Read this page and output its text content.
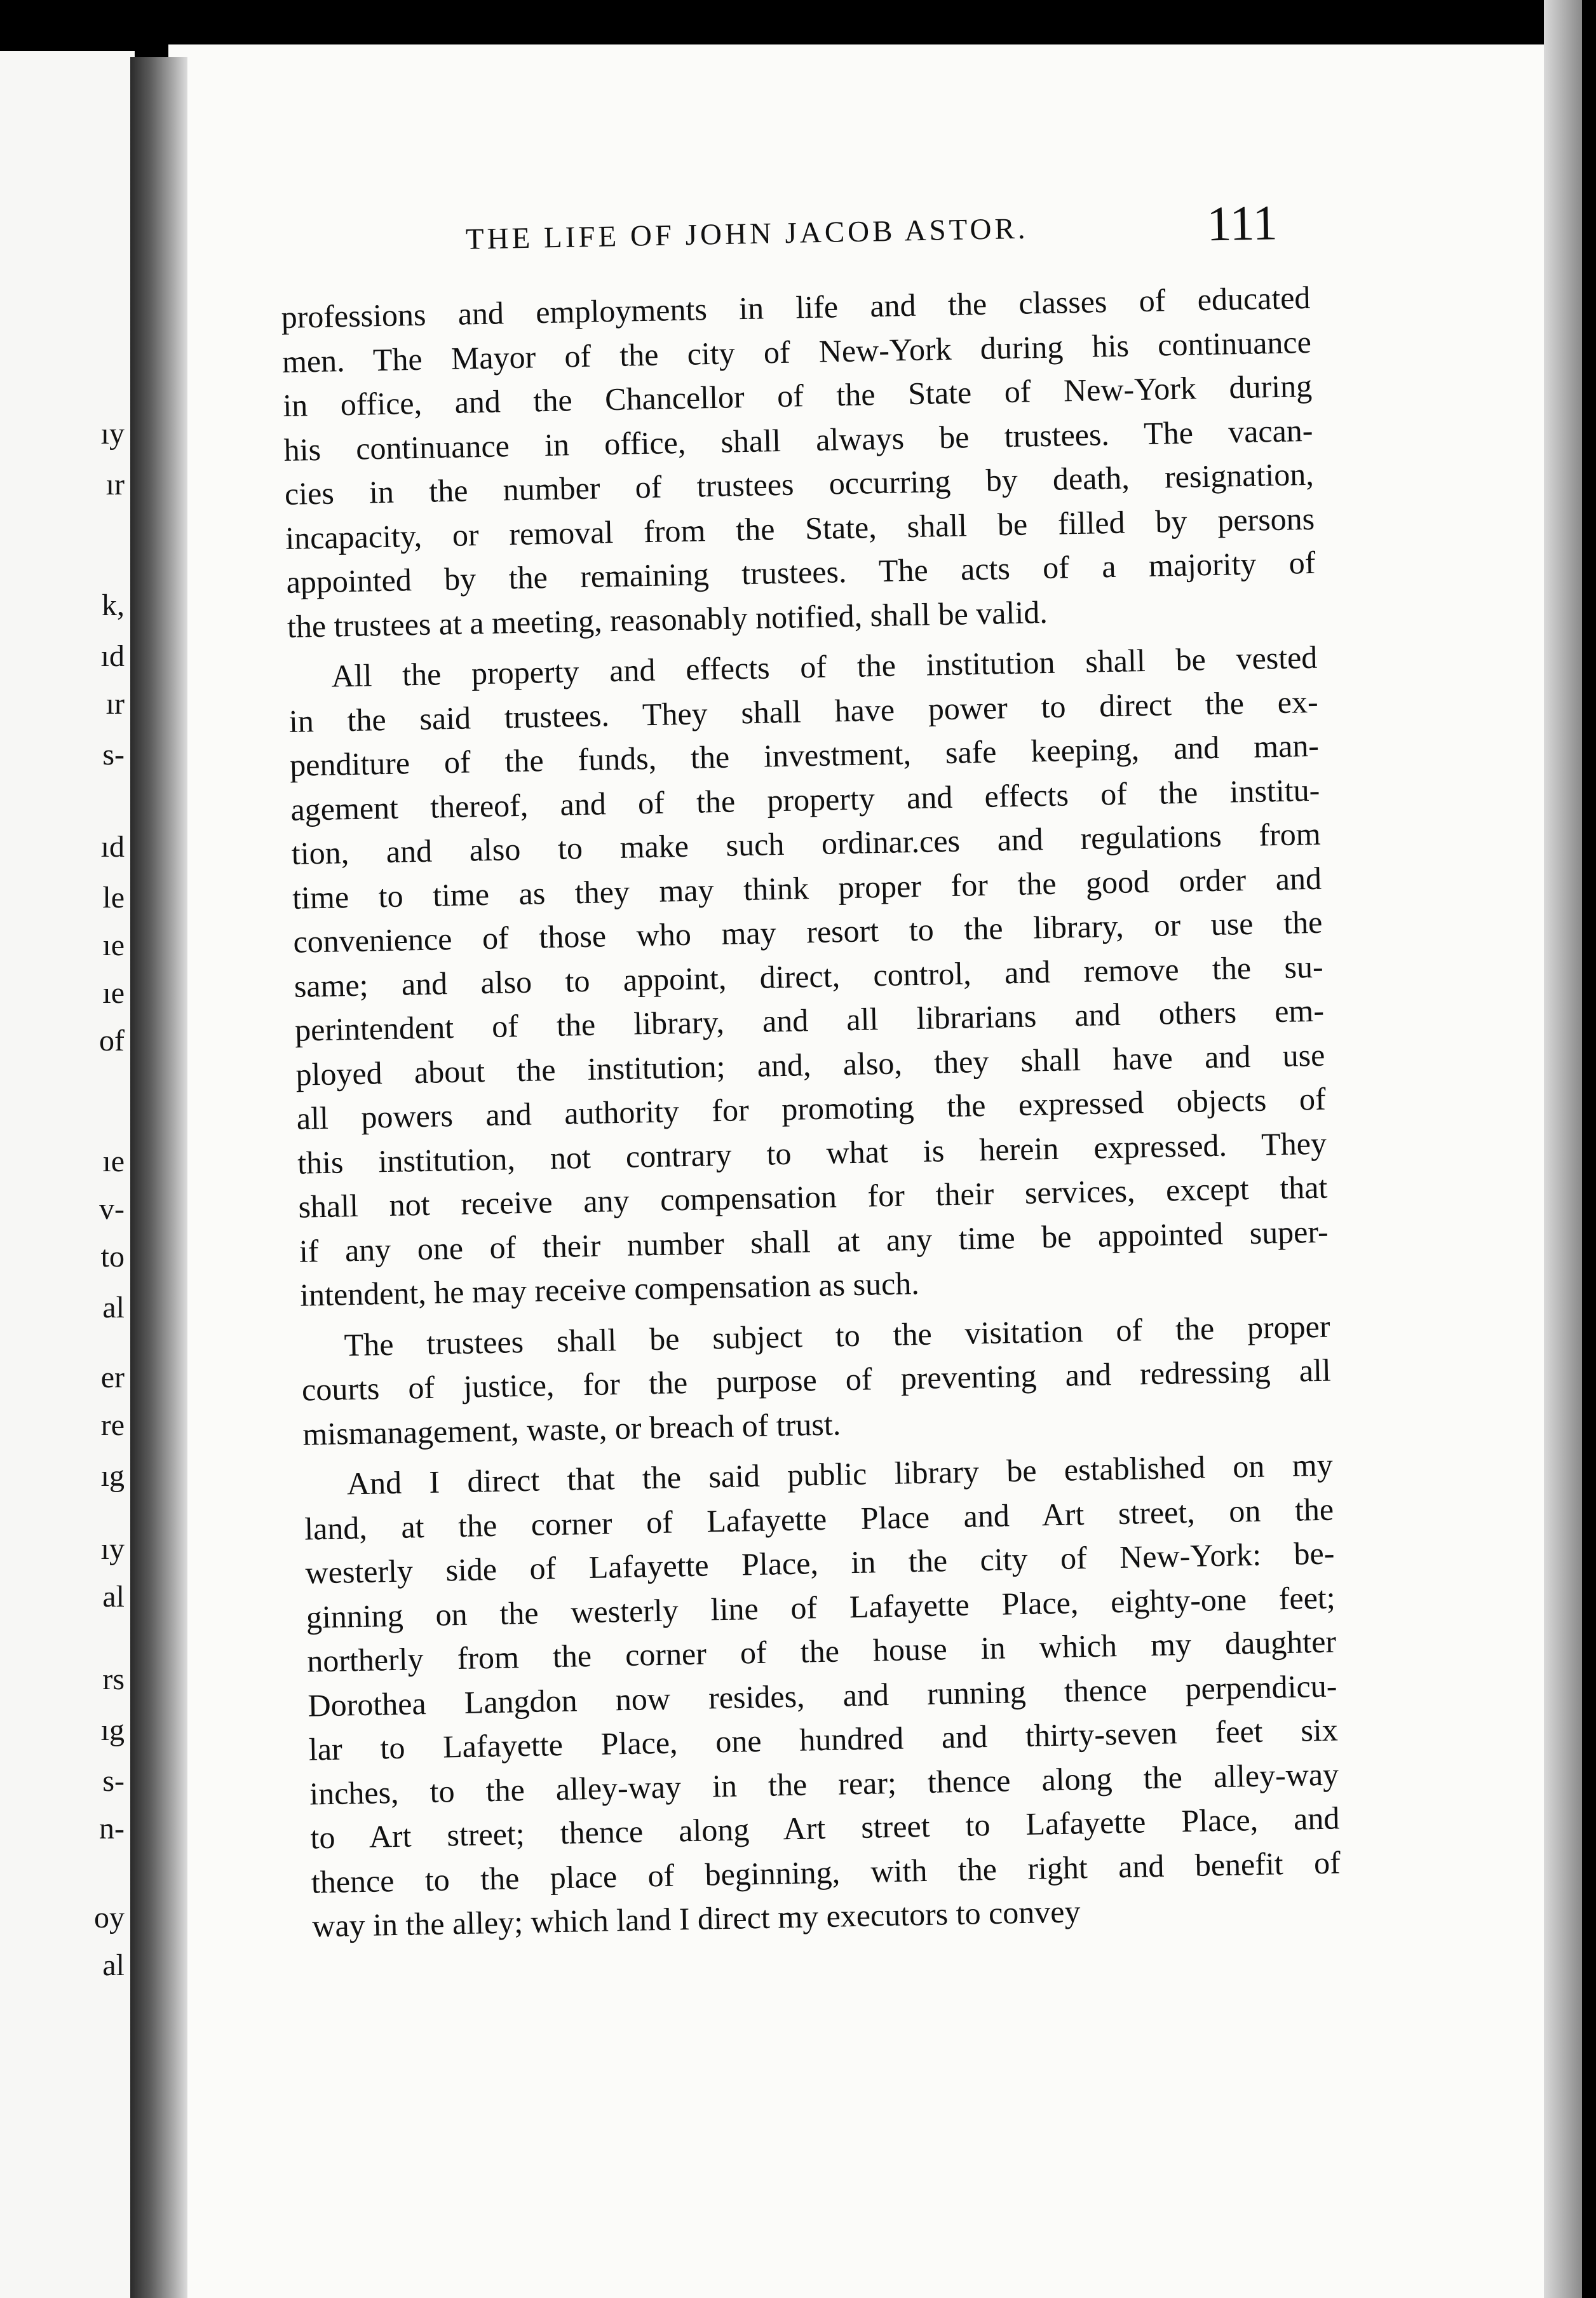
ıy
ır
k,
ıd
ır
s-
ıd
le
ıe
ıe
of
ıe
v-
to
al
er
re
ıg
ıy
al
rs
ıg
s-
n-
oy
al
THE LIFE OF JOHN JACOB ASTOR.	111
professions and employments in life and the classes of educated
men. The Mayor of the city of New-York during his continuance
in office, and the Chancellor of the State of New-York during
his continuance in office, shall always be trustees. The vacan-
cies in the number of trustees occurring by death, resignation,
incapacity, or removal from the State, shall be filled by persons
appointed by the remaining trustees. The acts of a majority of
the trustees at a meeting, reasonably notified, shall be valid.
All the property and effects of the institution shall be vested
in the said trustees. They shall have power to direct the ex-
penditure of the funds, the investment, safe keeping, and man-
agement thereof, and of the property and effects of the institu-
tion, and also to make such ordinar.ces and regulations from
time to time as they may think proper for the good order and
convenience of those who may resort to the library, or use the
same; and also to appoint, direct, control, and remove the su-
perintendent of the library, and all librarians and others em-
ployed about the institution; and, also, they shall have and use
all powers and authority for promoting the expressed objects of
this institution, not contrary to what is herein expressed. They
shall not receive any compensation for their services, except that
if any one of their number shall at any time be appointed super-
intendent, he may receive compensation as such.
The trustees shall be subject to the visitation of the proper
courts of justice, for the purpose of preventing and redressing all
mismanagement, waste, or breach of trust.
And I direct that the said public library be established on my
land, at the corner of Lafayette Place and Art street, on the
westerly side of Lafayette Place, in the city of New-York: be-
ginning on the westerly line of Lafayette Place, eighty-one feet;
northerly from the corner of the house in which my daughter
Dorothea Langdon now resides, and running thence perpendicu-
lar to Lafayette Place, one hundred and thirty-seven feet six
inches, to the alley-way in the rear; thence along the alley-way
to Art street; thence along Art street to Lafayette Place, and
thence to the place of beginning, with the right and benefit of
way in the alley; which land I direct my executors to convey
